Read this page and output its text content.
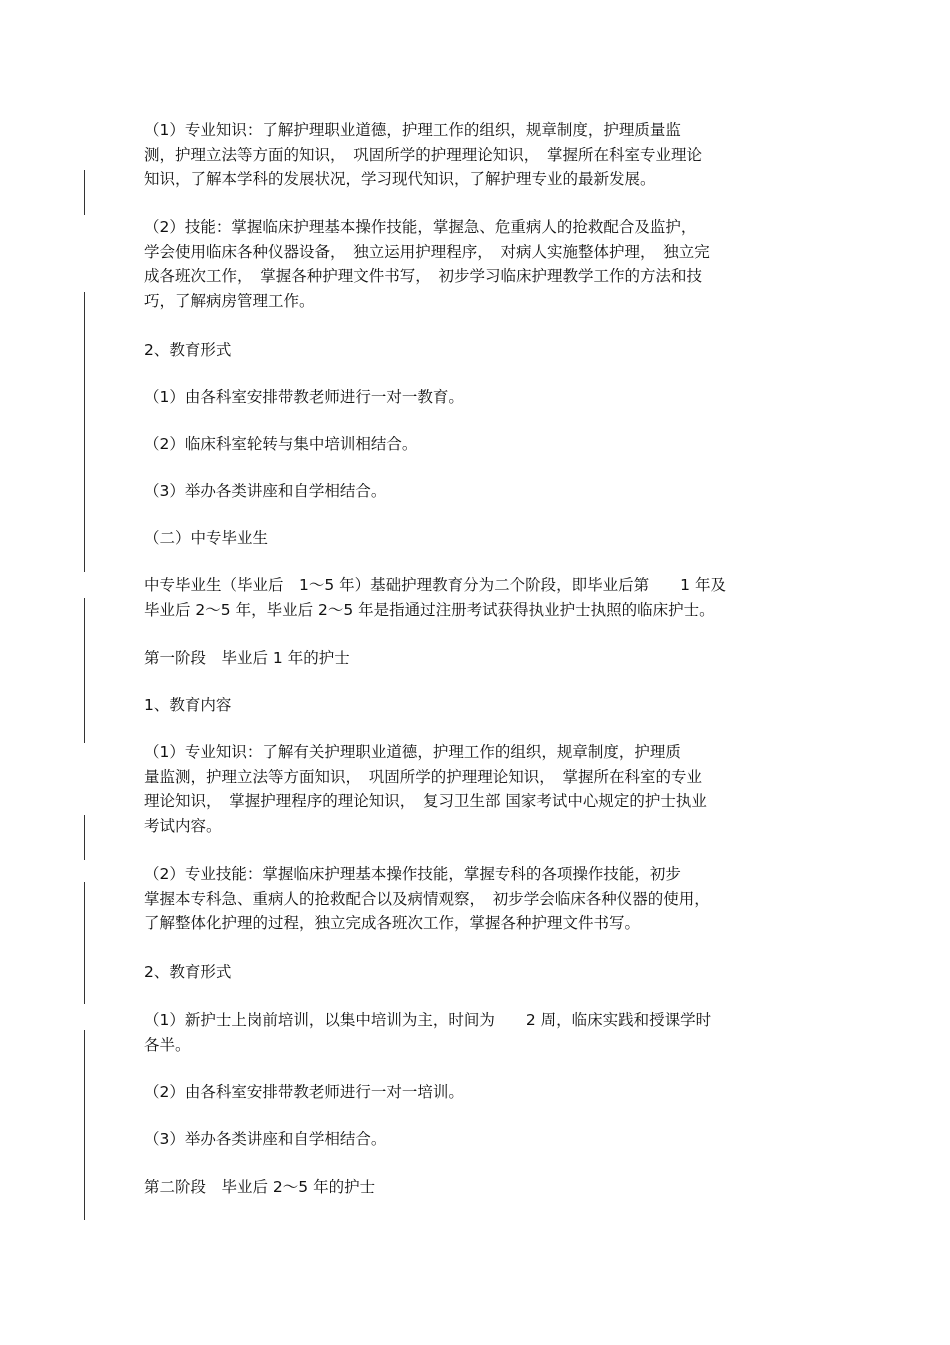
（1）专业知识：了解护理职业道德，护理工作的组织，规章制度，护理质量监
测，护理立法等方面的知识，　巩固所学的护理理论知识，　掌握所在科室专业理论
知识，了解本学科的发展状况，学习现代知识，了解护理专业的最新发展。

（2）技能：掌握临床护理基本操作技能，掌握急、危重病人的抢救配合及监护，
学会使用临床各种仪器设备，　独立运用护理程序，　对病人实施整体护理，　独立完
成各班次工作，　掌握各种护理文件书写，　初步学习临床护理教学工作的方法和技
巧，了解病房管理工作。

2、教育形式

（1）由各科室安排带教老师进行一对一教育。

（2）临床科室轮转与集中培训相结合。

（3）举办各类讲座和自学相结合。

（二）中专毕业生

中专毕业生（毕业后　1～5 年）基础护理教育分为二个阶段，即毕业后第　　1 年及
毕业后 2～5 年，毕业后 2～5 年是指通过注册考试获得执业护士执照的临床护士。

第一阶段　毕业后 1 年的护士

1、教育内容

（1）专业知识：了解有关护理职业道德，护理工作的组织，规章制度，护理质
量监测，护理立法等方面知识，　巩固所学的护理理论知识，　掌握所在科室的专业
理论知识，　掌握护理程序的理论知识，　复习卫生部 国家考试中心规定的护士执业
考试内容。

（2）专业技能：掌握临床护理基本操作技能，掌握专科的各项操作技能，初步
掌握本专科急、重病人的抢救配合以及病情观察，　初步学会临床各种仪器的使用，
了解整体化护理的过程，独立完成各班次工作，掌握各种护理文件书写。

2、教育形式

（1）新护士上岗前培训，以集中培训为主，时间为　　2 周，临床实践和授课学时
各半。

（2）由各科室安排带教老师进行一对一培训。

（3）举办各类讲座和自学相结合。

第二阶段　毕业后 2～5 年的护士
